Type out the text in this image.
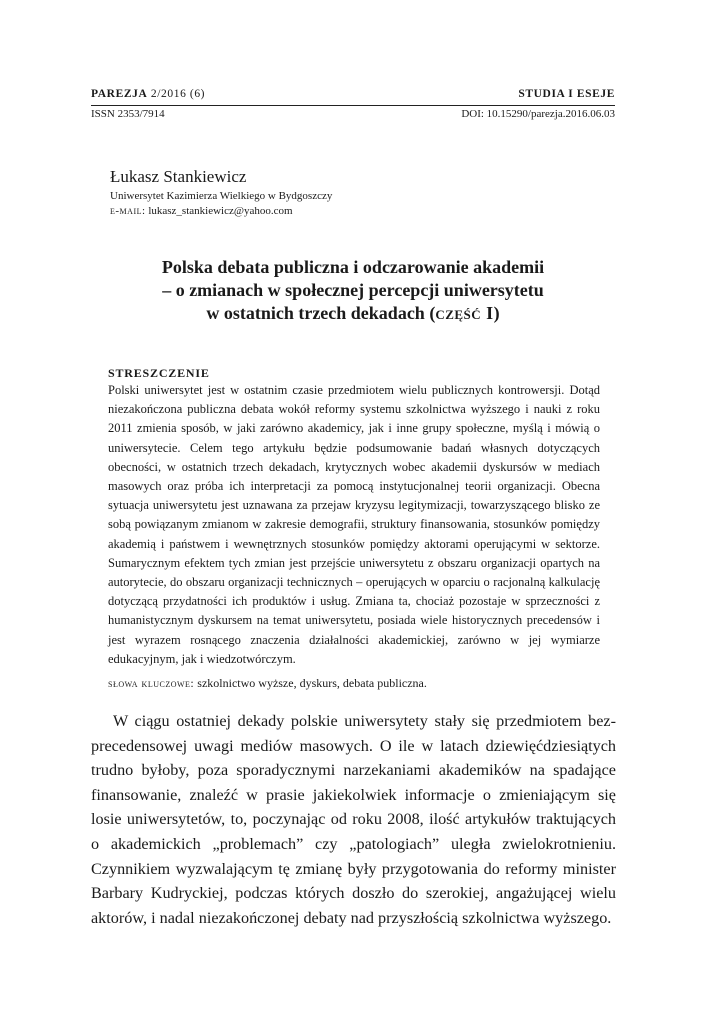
PAREZJA 2/2016 (6)	STUDIA I ESEJE
ISSN 2353/7914	DOI: 10.15290/parezja.2016.06.03

Łukasz Stankiewicz

Uniwersytet Kazimierza Wielkiego w Bydgoszczy

e-mail: lukasz_stankiewicz@yahoo.com

Polska debata publiczna i odczarowanie akademii

– o zmianach w społecznej percepcji uniwersytetu

w ostatnich trzech dekadach (część I)

STRESZCZENIE

Polski uniwersytet jest w ostatnim czasie przedmiotem wielu publicznych kontrowersji. Dotąd niezakończona publiczna debata wokół reformy systemu szkolnictwa wyższego i nauki z roku 2011 zmienia sposób, w jaki zarówno akademicy, jak i inne grupy społeczne, myślą i mówią o uniwersytecie. Celem tego artykułu będzie podsumowanie badań własnych dotyczących obecności, w ostatnich trzech dekadach, krytycznych wobec akademii dyskursów w mediach masowych oraz próba ich interpretacji za pomocą instytucjonalnej teorii organizacji. Obecna sytuacja uniwersytetu jest uznawana za przejaw kryzysu legitymizacji, towarzyszącego blisko ze sobą powiązanym zmianom w zakresie demografii, struktury finansowania, stosunków pomiędzy akademią i państwem i wewnętrznych stosunków pomiędzy aktorami operującymi w sektorze. Sumarycznym efektem tych zmian jest przejście uniwersytetu z obszaru organizacji opartych na autorytecie, do obszaru organizacji technicznych – operujących w oparciu o racjonalną kalkulację dotyczącą przydatności ich produktów i usług. Zmiana ta, chociaż pozostaje w sprzeczności z humanistycznym dyskursem na temat uniwersytetu, posiada wiele historycznych precedensów i jest wyrazem rosnącego znaczenia działalności akademickiej, zarówno w jej wymiarze edukacyjnym, jak i wiedzotwórczym.

słowa kluczowe: szkolnictwo wyższe, dyskurs, debata publiczna.

W ciągu ostatniej dekady polskie uniwersytety stały się przedmiotem bezprecedensowej uwagi mediów masowych. O ile w latach dziewięćdziesiątych trudno byłoby, poza sporadycznymi narzekaniami akademików na spadające finansowanie, znaleźć w prasie jakiekolwiek informacje o zmieniającym się losie uniwersytetów, to, poczynając od roku 2008, ilość artykułów traktujących o akademickich „problemach” czy „patologiach” uległa zwielokrotnieniu. Czynnikiem wyzwalającym tę zmianę były przygotowania do reformy minister Barbary Kudryckiej, podczas których doszło do szerokiej, angażującej wielu aktorów, i nadal niezakończonej debaty nad przyszłością szkolnictwa wyższego.
